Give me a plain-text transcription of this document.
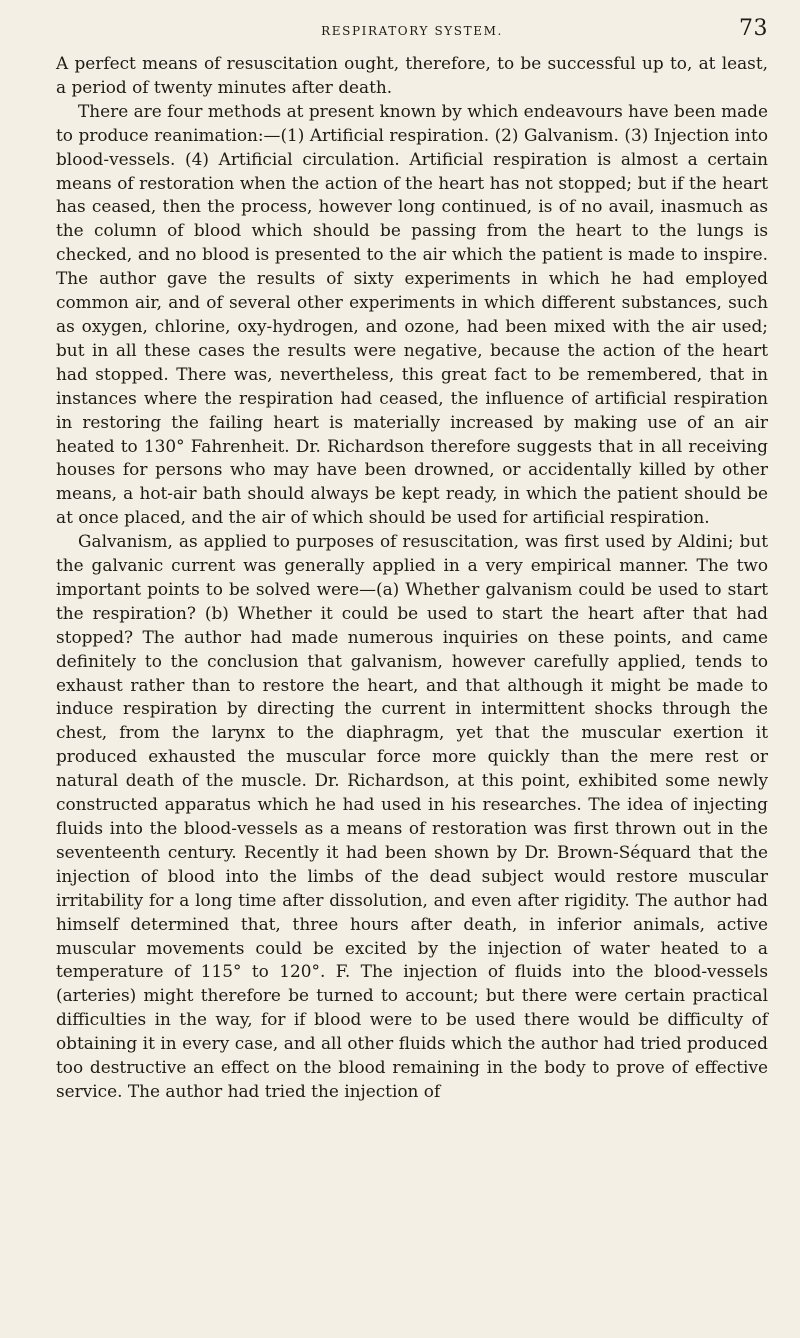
RESPIRATORY SYSTEM.	73

A perfect means of resuscitation ought, therefore, to be successful up to, at least, a period of twenty minutes after death.

There are four methods at present known by which endeavours have been made to produce reanimation:—(1) Artificial respiration. (2) Galvanism. (3) Injection into blood-vessels. (4) Artificial circulation. Artificial respiration is almost a certain means of restoration when the action of the heart has not stopped; but if the heart has ceased, then the process, however long continued, is of no avail, inasmuch as the column of blood which should be passing from the heart to the lungs is checked, and no blood is presented to the air which the patient is made to inspire. The author gave the results of sixty experiments in which he had employed common air, and of several other experiments in which different substances, such as oxygen, chlorine, oxy-hydrogen, and ozone, had been mixed with the air used; but in all these cases the results were negative, because the action of the heart had stopped. There was, nevertheless, this great fact to be remembered, that in instances where the respiration had ceased, the influence of artificial respiration in restoring the failing heart is materially increased by making use of an air heated to 130° Fahrenheit. Dr. Richardson therefore suggests that in all receiving houses for persons who may have been drowned, or accidentally killed by other means, a hot-air bath should always be kept ready, in which the patient should be at once placed, and the air of which should be used for artificial respiration.

Galvanism, as applied to purposes of resuscitation, was first used by Aldini; but the galvanic current was generally applied in a very empirical manner. The two important points to be solved were—(a) Whether galvanism could be used to start the respiration? (b) Whether it could be used to start the heart after that had stopped? The author had made numerous inquiries on these points, and came definitely to the conclusion that galvanism, however carefully applied, tends to exhaust rather than to restore the heart, and that although it might be made to induce respiration by directing the current in intermittent shocks through the chest, from the larynx to the diaphragm, yet that the muscular exertion it produced exhausted the muscular force more quickly than the mere rest or natural death of the muscle. Dr. Richardson, at this point, exhibited some newly constructed apparatus which he had used in his researches. The idea of injecting fluids into the blood-vessels as a means of restoration was first thrown out in the seventeenth century. Recently it had been shown by Dr. Brown-Séquard that the injection of blood into the limbs of the dead subject would restore muscular irritability for a long time after dissolution, and even after rigidity. The author had himself determined that, three hours after death, in inferior animals, active muscular movements could be excited by the injection of water heated to a temperature of 115° to 120°. F. The injection of fluids into the blood-vessels (arteries) might therefore be turned to account; but there were certain practical difficulties in the way, for if blood were to be used there would be difficulty of obtaining it in every case, and all other fluids which the author had tried produced too destructive an effect on the blood remaining in the body to prove of effective service. The author had tried the injection of
